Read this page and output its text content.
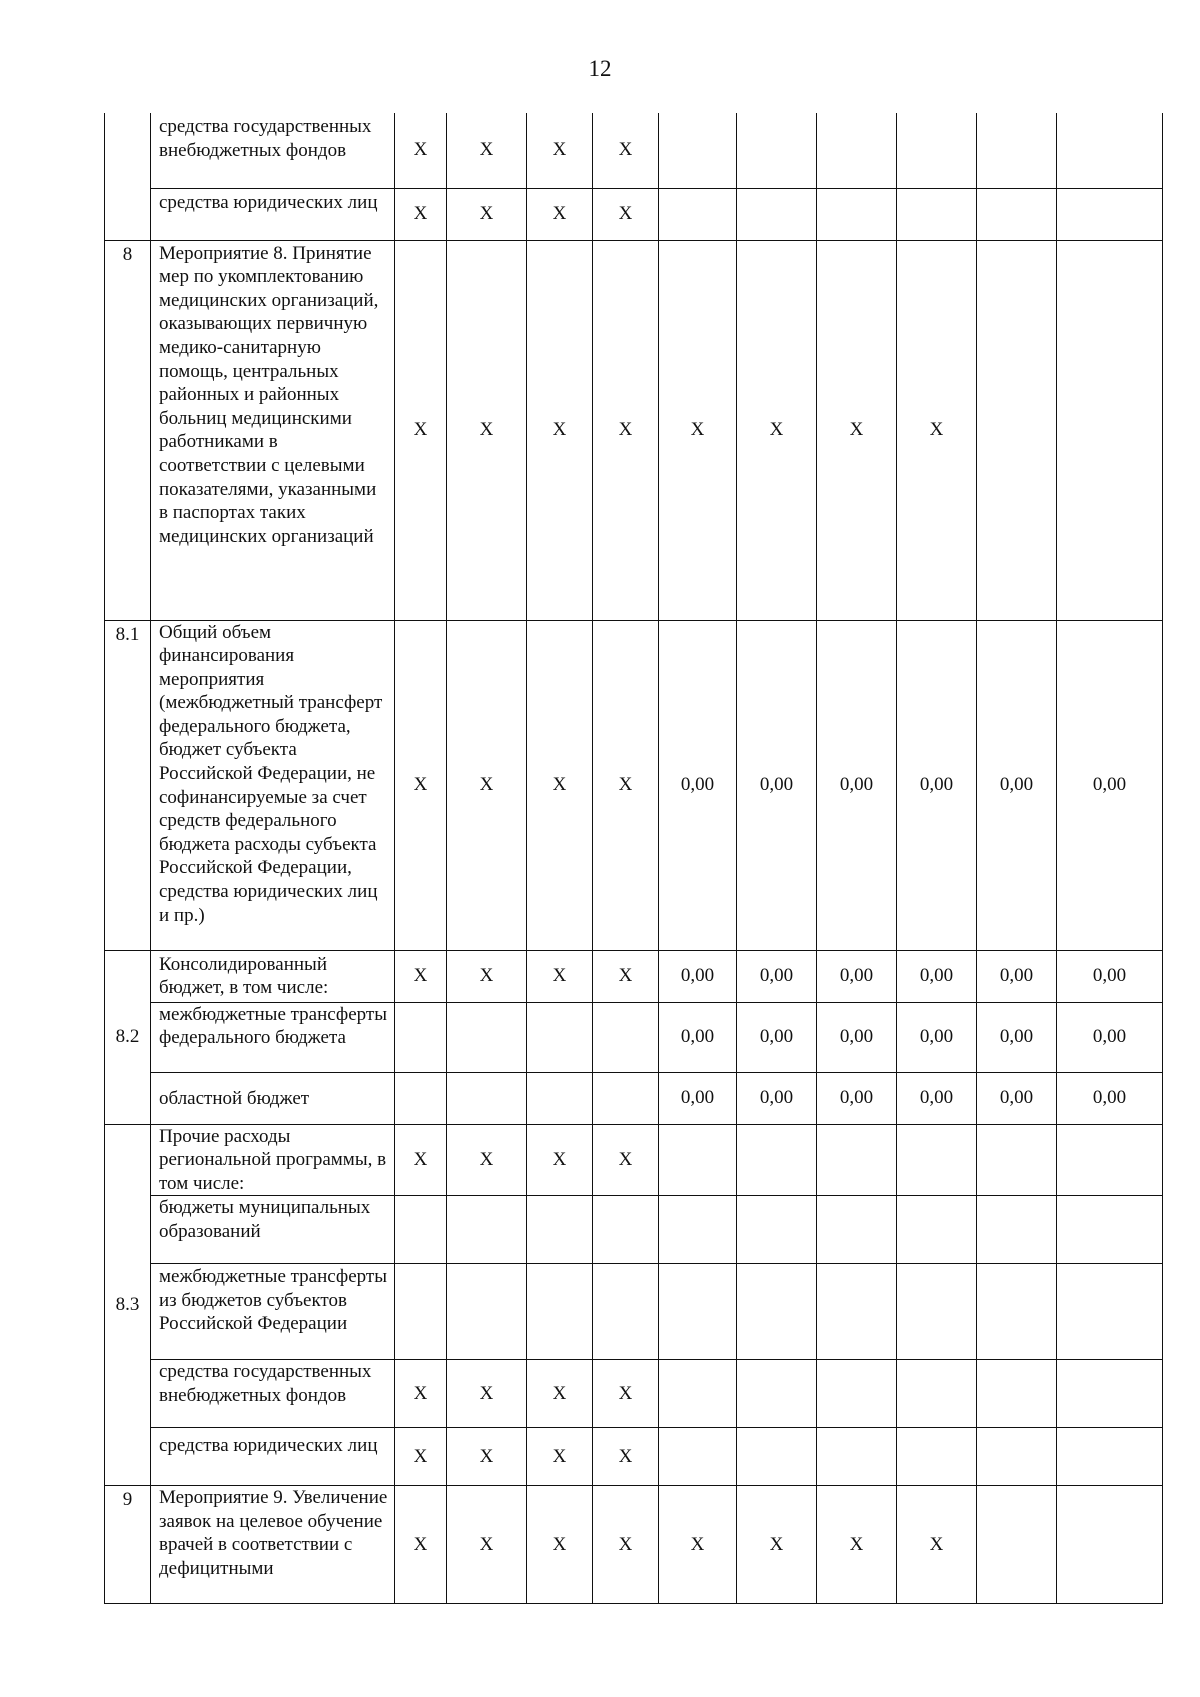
12
	средства государственных внебюджетных фондов	X	X	X	X						
	средства юридических лиц	X	X	X	X						
8	Мероприятие 8. Принятие мер по укомплектованию медицинских организаций, оказывающих первичную медико-санитарную помощь, центральных районных и районных больниц медицинскими работниками в соответствии с целевыми показателями, указанными в паспортах таких медицинских организаций	X	X	X	X	X	X	X	X		
8.1	Общий объем финансирования мероприятия (межбюджетный трансферт федерального бюджета, бюджет субъекта Российской Федерации, не софинансируемые за счет средств федерального бюджета расходы субъекта Российской Федерации, средства юридических лиц и пр.)	X	X	X	X	0,00	0,00	0,00	0,00	0,00	0,00
8.2	Консолидированный бюджет, в том числе:	X	X	X	X	0,00	0,00	0,00	0,00	0,00	0,00
	межбюджетные трансферты федерального бюджета					0,00	0,00	0,00	0,00	0,00	0,00
	областной бюджет					0,00	0,00	0,00	0,00	0,00	0,00
8.3	Прочие расходы региональной программы, в том числе:	X	X	X	X						
	бюджеты муниципальных образований										
	межбюджетные трансферты из бюджетов субъектов Российской Федерации										
	средства государственных внебюджетных фондов	X	X	X	X						
	средства юридических лиц	X	X	X	X						
9	Мероприятие 9. Увеличение заявок на целевое обучение врачей в соответствии с дефицитными	X	X	X	X	X	X	X	X		
